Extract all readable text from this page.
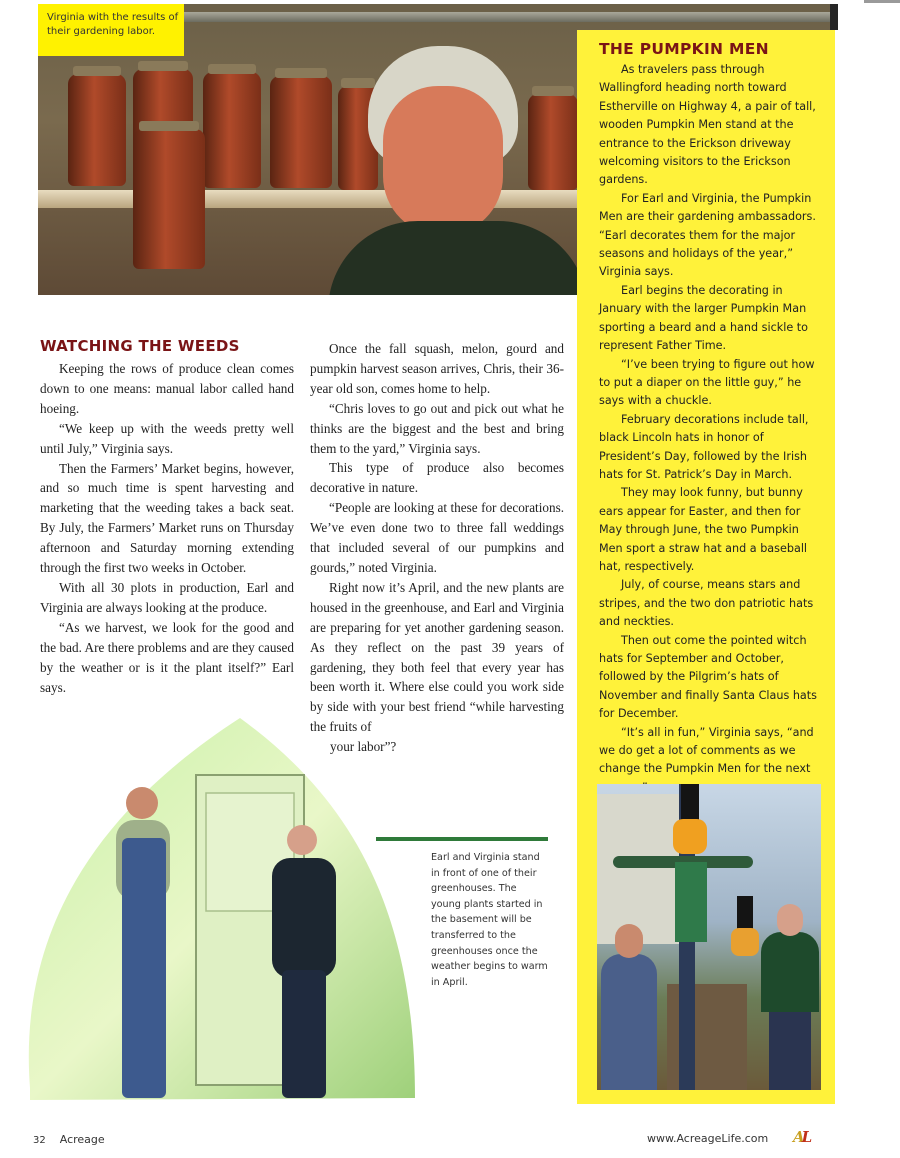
Virginia with the results of their gardening labor.
THE PUMPKIN MEN

As travelers pass through Wallingford heading north toward Estherville on Highway 4, a pair of tall, wooden Pumpkin Men stand at the entrance to the Erickson driveway welcoming visitors to the Erickson gardens.

For Earl and Virginia, the Pumpkin Men are their gardening ambassadors. “Earl decorates them for the major seasons and holidays of the year,” Virginia says.

Earl begins the decorating in January with the larger Pumpkin Man sporting a beard and a hand sickle to represent Father Time.

“I’ve been trying to figure out how to put a diaper on the little guy,” he says with a chuckle.

February decorations include tall, black Lincoln hats in honor of President’s Day, followed by the Irish hats for St. Patrick’s Day in March.

They may look funny, but bunny ears appear for Easter, and then for May through June, the two Pumpkin Men sport a straw hat and a baseball hat, respectively.

July, of course, means stars and stripes, and the two don patriotic hats and neckties.

Then out come the pointed witch hats for September and October, followed by the Pilgrim’s hats of November and finally Santa Claus hats for December.

“It’s all in fun,” Virginia says, “and we do get a lot of comments as we change the Pumpkin Men for the next

WATCHING THE WEEDS

Keeping the rows of produce clean comes down to one means: manual labor called hand hoeing.

“We keep up with the weeds pretty well until July,” Virginia says.

Then the Farmers’ Market begins, however, and so much time is spent harvesting and marketing that the weeding takes a back seat. By July, the Farmers’ Market runs on Thursday afternoon and Saturday morning extending through the first two weeks in October.

With all 30 plots in production, Earl and Virginia are always looking at the produce.

“As we harvest, we look for the good and the bad. Are there problems and are they caused by the weather or is it the plant itself?” Earl says.

Once the fall squash, melon, gourd and pumpkin harvest season arrives, Chris, their 36-year old son, comes home to help.

“Chris loves to go out and pick out what he thinks are the biggest and the best and bring them to the yard,” Virginia says.

This type of produce also becomes decorative in nature.

“People are looking at these for decorations. We’ve even done two to three fall weddings that included several of our pumpkins and gourds,” noted Virginia.

Right now it’s April, and the new plants are housed in the greenhouse, and Earl and Virginia are preparing for yet another gardening season. As they reflect on the past 39 years of gardening, they both feel that every year has been worth it. Where else could you work side by side with your best friend “while harvesting the fruits of

your labor”?
Earl and Virginia stand in front of one of their greenhouses. The young plants started in the basement will be transferred to the greenhouses once the weather begins to warm in April.
32 Acreage	www.AcreageLife.com AL
